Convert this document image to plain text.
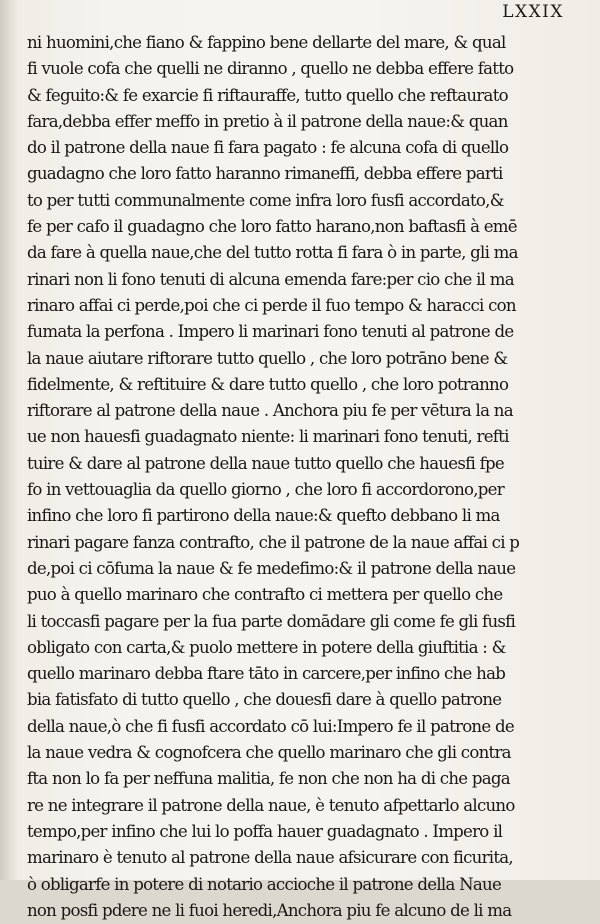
LXXIX
ni huomini,che fiano & fappino bene dellarte del mare, & qual
fi vuole cofa che quelli ne diranno , quello ne debba effere fatto
& feguito:& fe exarcie fi riftauraffe, tutto quello che reftaurato
fara,debba effer meffo in pretio à il patrone della naue:& quan
do il patrone della naue fi fara pagato : fe alcuna cofa di quello
guadagno che loro fatto haranno rimaneffi, debba effere parti
to per tutti communalmente come infra loro fusfi accordato,&
fe per cafo il guadagno che loro fatto harano,non baftasfi à emē
da fare à quella naue,che del tutto rotta fi fara ò in parte, gli ma
rinari non li fono tenuti di alcuna emenda fare:per cio che il ma
rinaro affai ci perde,poi che ci perde il fuo tempo & haracci con
fumata la perfona . Impero li marinari fono tenuti al patrone de
la naue aiutare riftorare tutto quello , che loro potrāno bene &
fidelmente, & reftituire & dare tutto quello , che loro potranno
riftorare al patrone della naue . Anchora piu fe per vētura la na
ue non hauesfi guadagnato niente: li marinari fono tenuti, refti
tuire & dare al patrone della naue tutto quello che hauesfi fpe
fo in vettouaglia da quello giorno , che loro fi accordorono,per
infino che loro fi partirono della naue:& quefto debbano li ma
rinari pagare fanza contrafto, che il patrone de la naue affai ci p
de,poi ci cōfuma la naue & fe medefimo:& il patrone della naue
puo à quello marinaro che contrafto ci mettera per quello che
li toccasfi pagare per la fua parte domādare gli come fe gli fusfi
obligato con carta,& puolo mettere in potere della giuftitia : &
quello marinaro debba ftare tāto in carcere,per infino che hab
bia fatisfato di tutto quello , che douesfi dare à quello patrone
della naue,ò che fi fusfi accordato cō lui:Impero fe il patrone de
la naue vedra & cognofcera che quello marinaro che gli contra
fta non lo fa per neffuna malitia, fe non che non ha di che paga
re ne integrare il patrone della naue, è tenuto afpettarlo alcuno
tempo,per infino che lui lo poffa hauer guadagnato . Impero il
marinaro è tenuto al patrone della naue afsicurare con ficurita,
ò obligarfe in potere di notario accioche il patrone della Naue
non posfi pdere ne li fuoi heredi,Anchora piu fe alcuno de li ma
